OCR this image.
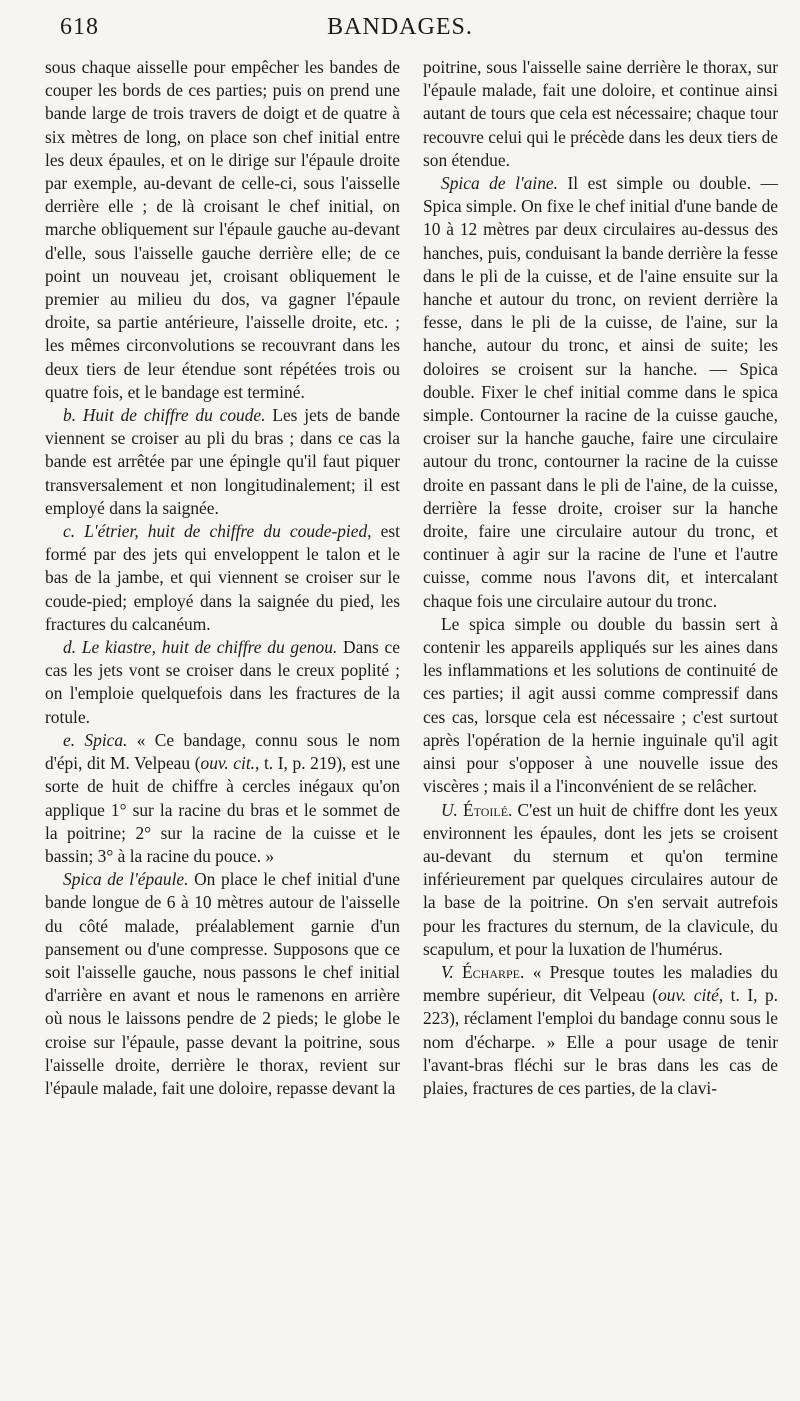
618	BANDAGES.

sous chaque aisselle pour empêcher les bandes de couper les bords de ces parties; puis on prend une bande large de trois travers de doigt et de quatre à six mètres de long, on place son chef initial entre les deux épaules, et on le dirige sur l'épaule droite par exemple, au-devant de celle-ci, sous l'aisselle derrière elle ; de là croisant le chef initial, on marche obliquement sur l'épaule gauche au-devant d'elle, sous l'aisselle gauche derrière elle; de ce point un nouveau jet, croisant obliquement le premier au milieu du dos, va gagner l'épaule droite, sa partie antérieure, l'aisselle droite, etc. ; les mêmes circonvolutions se recouvrant dans les deux tiers de leur étendue sont répétées trois ou quatre fois, et le bandage est terminé.

b. Huit de chiffre du coude. Les jets de bande viennent se croiser au pli du bras ; dans ce cas la bande est arrêtée par une épingle qu'il faut piquer transversalement et non longitudinalement; il est employé dans la saignée.

c. L'étrier, huit de chiffre du coude-pied, est formé par des jets qui enveloppent le talon et le bas de la jambe, et qui viennent se croiser sur le coude-pied; employé dans la saignée du pied, les fractures du calcanéum.

d. Le kiastre, huit de chiffre du genou. Dans ce cas les jets vont se croiser dans le creux poplité ; on l'emploie quelquefois dans les fractures de la rotule.

e. Spica. « Ce bandage, connu sous le nom d'épi, dit M. Velpeau (ouv. cit., t. I, p. 219), est une sorte de huit de chiffre à cercles inégaux qu'on applique 1° sur la racine du bras et le sommet de la poitrine; 2° sur la racine de la cuisse et le bassin; 3° à la racine du pouce. »

Spica de l'épaule. On place le chef initial d'une bande longue de 6 à 10 mètres autour de l'aisselle du côté malade, préalablement garnie d'un pansement ou d'une compresse. Supposons que ce soit l'aisselle gauche, nous passons le chef initial d'arrière en avant et nous le ramenons en arrière où nous le laissons pendre de 2 pieds; le globe le croise sur l'épaule, passe devant la poitrine, sous l'aisselle droite, derrière le thorax, revient sur l'épaule malade, fait une doloire, repasse devant la

poitrine, sous l'aisselle saine derrière le thorax, sur l'épaule malade, fait une doloire, et continue ainsi autant de tours que cela est nécessaire; chaque tour recouvre celui qui le précède dans les deux tiers de son étendue.

Spica de l'aine. Il est simple ou double. — Spica simple. On fixe le chef initial d'une bande de 10 à 12 mètres par deux circulaires au-dessus des hanches, puis, conduisant la bande derrière la fesse dans le pli de la cuisse, et de l'aine ensuite sur la hanche et autour du tronc, on revient derrière la fesse, dans le pli de la cuisse, de l'aine, sur la hanche, autour du tronc, et ainsi de suite; les doloires se croisent sur la hanche. — Spica double. Fixer le chef initial comme dans le spica simple. Contourner la racine de la cuisse gauche, croiser sur la hanche gauche, faire une circulaire autour du tronc, contourner la racine de la cuisse droite en passant dans le pli de l'aine, de la cuisse, derrière la fesse droite, croiser sur la hanche droite, faire une circulaire autour du tronc, et continuer à agir sur la racine de l'une et l'autre cuisse, comme nous l'avons dit, et intercalant chaque fois une circulaire autour du tronc.

Le spica simple ou double du bassin sert à contenir les appareils appliqués sur les aines dans les inflammations et les solutions de continuité de ces parties; il agit aussi comme compressif dans ces cas, lorsque cela est nécessaire ; c'est surtout après l'opération de la hernie inguinale qu'il agit ainsi pour s'opposer à une nouvelle issue des viscères ; mais il a l'inconvénient de se relâcher.

U. Étoilé. C'est un huit de chiffre dont les yeux environnent les épaules, dont les jets se croisent au-devant du sternum et qu'on termine inférieurement par quelques circulaires autour de la base de la poitrine. On s'en servait autrefois pour les fractures du sternum, de la clavicule, du scapulum, et pour la luxation de l'humérus.

V. Écharpe. « Presque toutes les maladies du membre supérieur, dit Velpeau (ouv. cité, t. I, p. 223), réclament l'emploi du bandage connu sous le nom d'écharpe. » Elle a pour usage de tenir l'avant-bras fléchi sur le bras dans les cas de plaies, fractures de ces parties, de la clavi-
